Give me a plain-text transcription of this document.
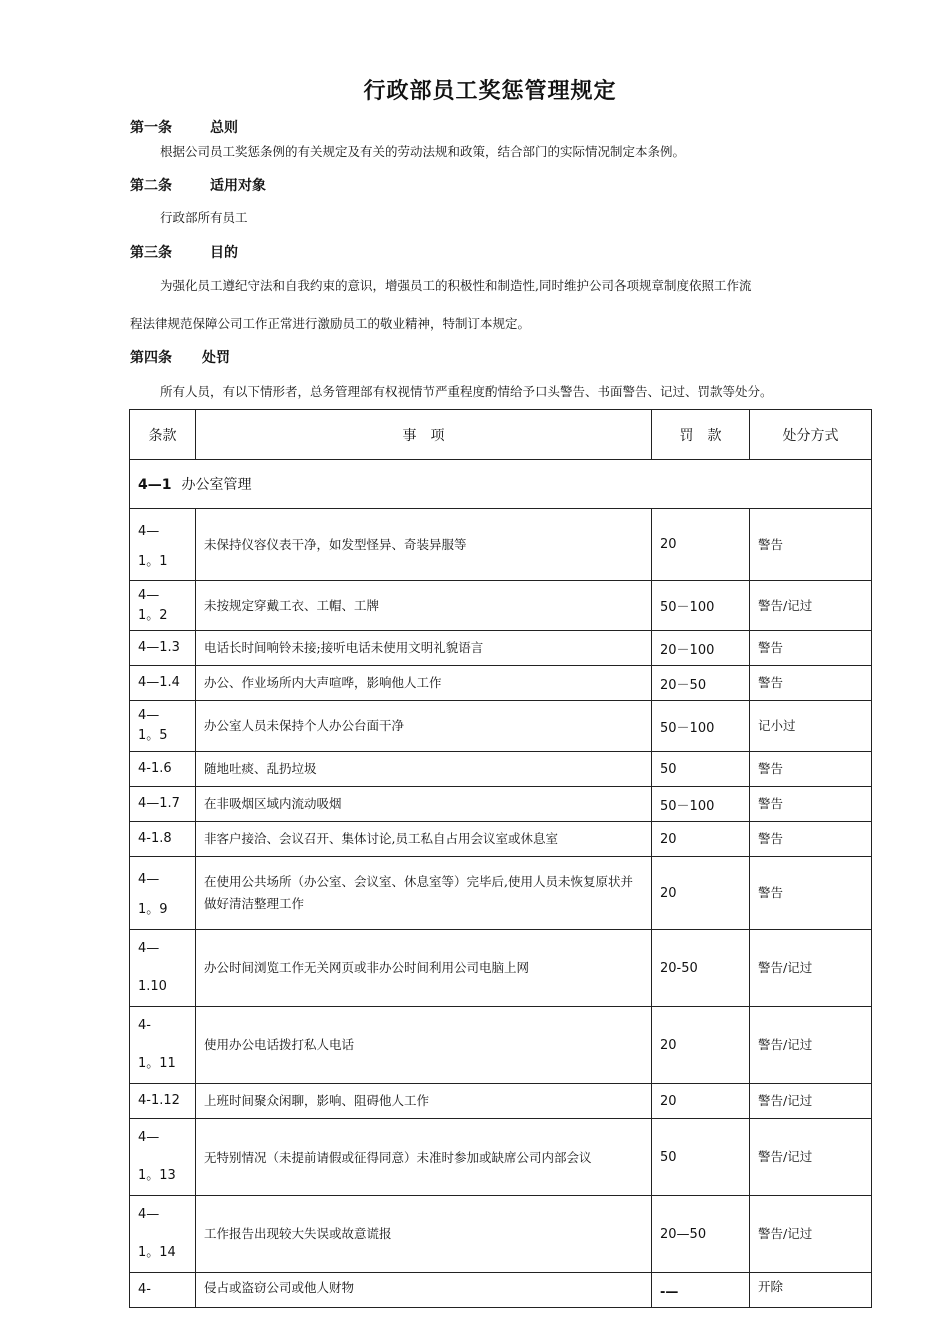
行政部员工奖惩管理规定
第一条	总则
根据公司员工奖惩条例的有关规定及有关的劳动法规和政策，结合部门的实际情况制定本条例。
第二条	适用对象
行政部所有员工
第三条	目的
为强化员工遵纪守法和自我约束的意识，增强员工的积极性和制造性,同时维护公司各项规章制度依照工作流
程法律规范保障公司工作正常进行激励员工的敬业精神，特制订本规定。
第四条 处罚
所有人员，有以下情形者，总务管理部有权视情节严重程度酌情给予口头警告、书面警告、记过、罚款等处分。
条款	事　项	罚　款	处分方式
4—1 办公室管理			

4—
1。1	未保持仪容仪表干净，如发型怪异、奇装异服等	20	警告

4—
1。2	未按规定穿戴工衣、工帽、工牌	50－100	警告/记过
4—1.3	电话长时间响铃未接;接听电话未使用文明礼貌语言	20－100	警告
4—1.4	办公、作业场所内大声喧哗，影响他人工作	20－50	警告

4—
1。5	办公室人员未保持个人办公台面干净	50－100	记小过
4-1.6	随地吐痰、乱扔垃圾	50	警告
4—1.7	在非吸烟区域内流动吸烟	50－100	警告
4-1.8	非客户接洽、会议召开、集体讨论,员工私自占用会议室或休息室	20	警告

4—
1。9	在使用公共场所（办公室、会议室、休息室等）完毕后,使用人员未恢复原状并做好清洁整理工作	20	警告

4—
1.10	办公时间浏览工作无关网页或非办公时间利用公司电脑上网	20-50	警告/记过

4-
1。11	使用办公电话拨打私人电话	20	警告/记过
4-1.12	上班时间聚众闲聊，影响、阻碍他人工作	20	警告/记过

4—
1。13	无特别情况（未提前请假或征得同意）未准时参加或缺席公司内部会议	50	警告/记过

4—
1。14	工作报告出现较大失误或故意谎报	20—50	警告/记过
4-	侵占或盗窃公司或他人财物	-—	开除
